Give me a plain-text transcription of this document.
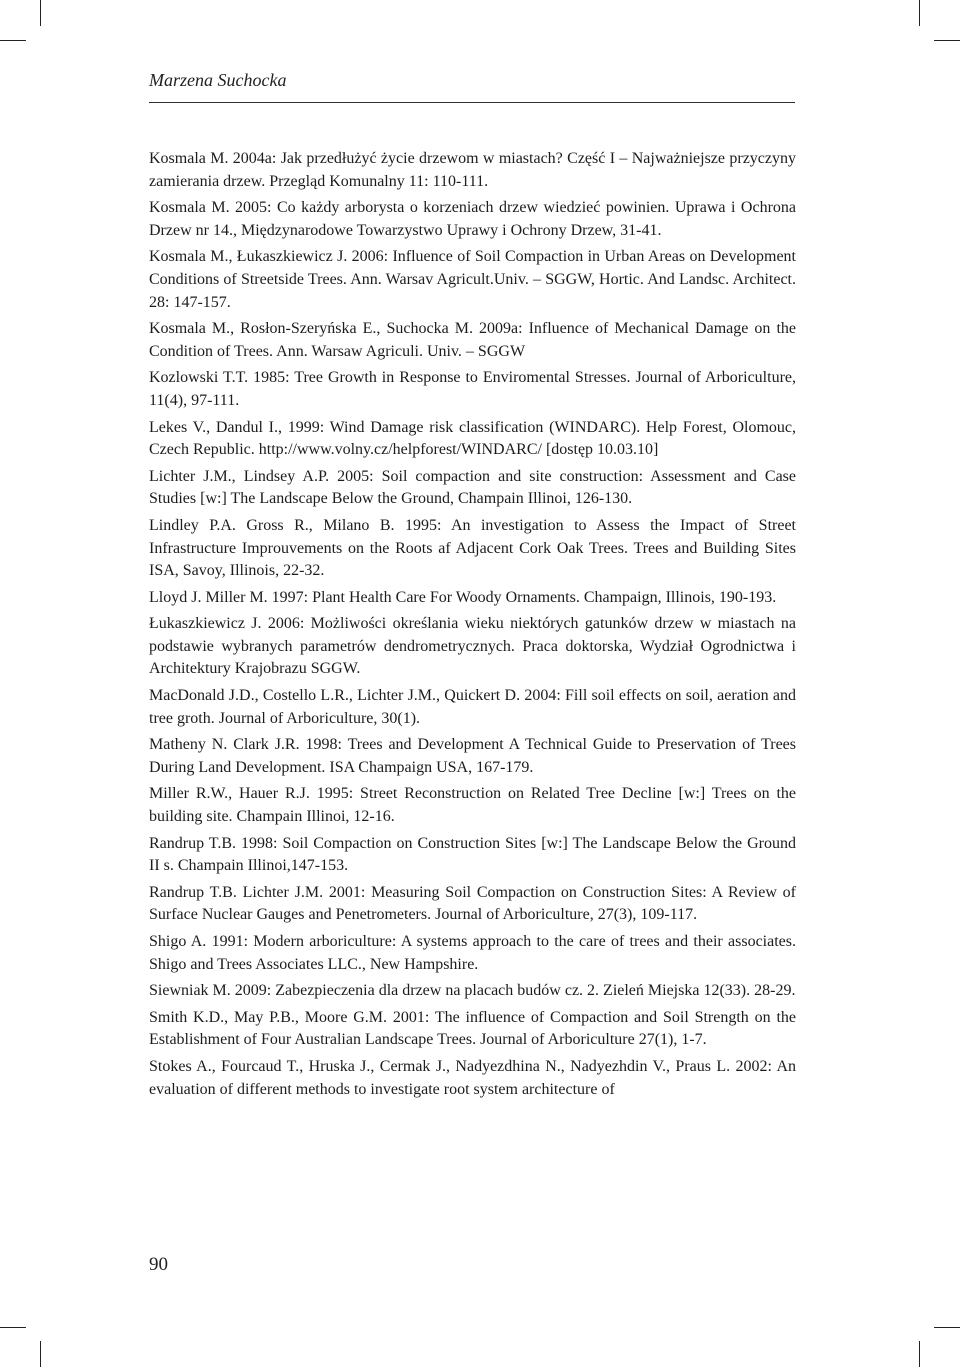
Marzena Suchocka
Kosmala M. 2004a: Jak przedłużyć życie drzewom w miastach? Część I – Najważniejsze przyczyny zamierania drzew. Przegląd Komunalny 11: 110-111.
Kosmala M. 2005: Co każdy arborysta o korzeniach drzew wiedzieć powinien. Uprawa i Ochrona Drzew nr 14., Międzynarodowe Towarzystwo Uprawy i Ochrony Drzew, 31-41.
Kosmala M., Łukaszkiewicz J. 2006: Influence of Soil Compaction in Urban Areas on Development Conditions of Streetside Trees. Ann. Warsav Agricult.Univ. – SGGW, Hortic. And Landsc. Architect. 28: 147-157.
Kosmala M., Rosłon-Szeryńska E., Suchocka M. 2009a: Influence of Mechanical Damage on the Condition of Trees. Ann. Warsaw Agriculi. Univ. – SGGW
Kozlowski T.T. 1985: Tree Growth in Response to Enviromental Stresses. Journal of Arboriculture, 11(4), 97-111.
Lekes V., Dandul I., 1999: Wind Damage risk classification (WINDARC). Help Forest, Olomouc, Czech Republic. http://www.volny.cz/helpforest/WINDARC/ [dostęp 10.03.10]
Lichter J.M., Lindsey A.P. 2005: Soil compaction and site construction: Assessment and Case Studies [w:] The Landscape Below the Ground, Champain Illinoi, 126-130.
Lindley P.A. Gross R., Milano B. 1995: An investigation to Assess the Impact of Street Infrastructure Improuvements on the Roots af Adjacent Cork Oak Trees. Trees and Building Sites ISA, Savoy, Illinois, 22-32.
Lloyd J. Miller M. 1997: Plant Health Care For Woody Ornaments. Champaign, Illinois, 190-193.
Łukaszkiewicz J. 2006: Możliwości określania wieku niektórych gatunków drzew w miastach na podstawie wybranych parametrów dendrometrycznych. Praca doktorska, Wydział Ogrodnictwa i Architektury Krajobrazu SGGW.
MacDonald J.D., Costello L.R., Lichter J.M., Quickert D. 2004: Fill soil effects on soil, aeration and tree groth. Journal of Arboriculture, 30(1).
Matheny N. Clark J.R. 1998: Trees and Development A Technical Guide to Preservation of Trees During Land Development. ISA Champaign USA, 167-179.
Miller R.W., Hauer R.J. 1995: Street Reconstruction on Related Tree Decline [w:] Trees on the building site. Champain Illinoi, 12-16.
Randrup T.B. 1998: Soil Compaction on Construction Sites [w:] The Landscape Below the Ground II s. Champain Illinoi,147-153.
Randrup T.B. Lichter J.M. 2001: Measuring Soil Compaction on Construction Sites: A Review of Surface Nuclear Gauges and Penetrometers. Journal of Arboriculture, 27(3), 109-117.
Shigo A. 1991: Modern arboriculture: A systems approach to the care of trees and their associates. Shigo and Trees Associates LLC., New Hampshire.
Siewniak M. 2009: Zabezpieczenia dla drzew na placach budów cz. 2. Zieleń Miejska 12(33). 28-29.
Smith K.D., May P.B., Moore G.M. 2001: The influence of Compaction and Soil Strength on the Establishment of Four Australian Landscape Trees. Journal of Arboriculture 27(1), 1-7.
Stokes A., Fourcaud T., Hruska J., Cermak J., Nadyezdhina N., Nadyezhdin V., Praus L. 2002: An evaluation of different methods to investigate root system architecture of
90
